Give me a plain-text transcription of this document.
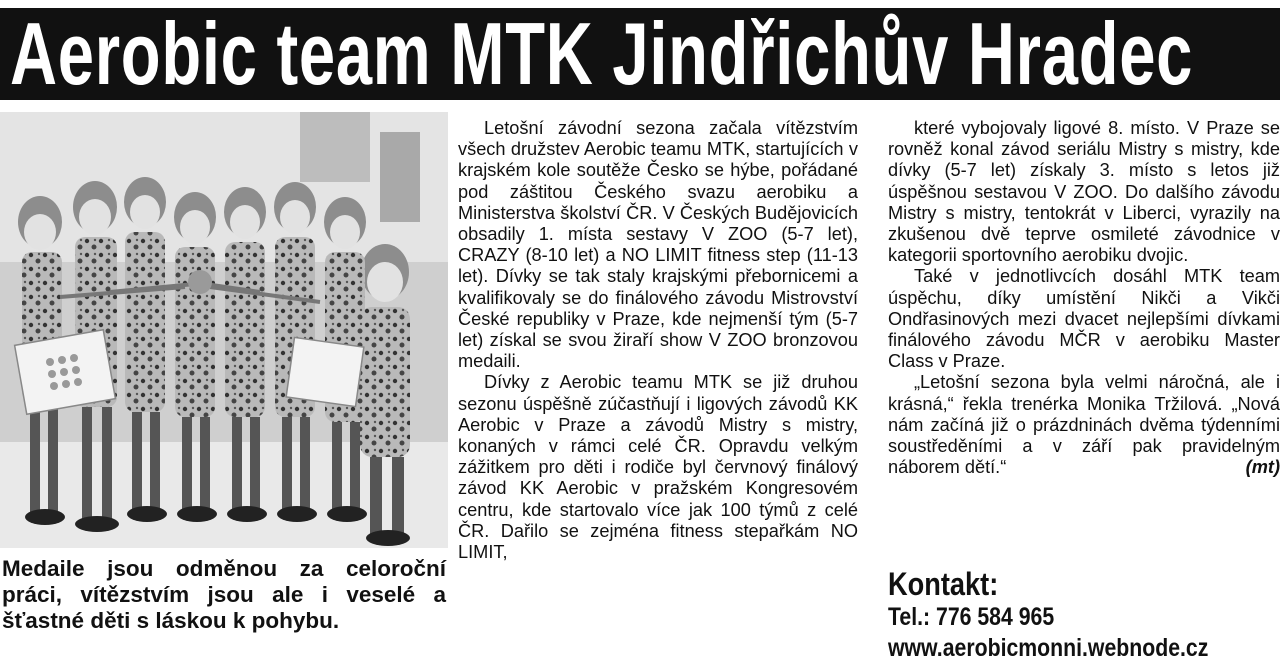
Aerobic team MTK Jindřichův Hradec

Medaile jsou odměnou za celoroční práci, vítězstvím jsou ale i veselé a šťastné děti s láskou k pohybu.

Letošní závodní sezona začala vítězstvím všech družstev Aerobic teamu MTK, startujících v krajském kole soutěže Česko se hýbe, pořádané pod záštitou Českého svazu aerobiku a Ministerstva školství ČR. V Českých Budějovicích obsadily 1. místa sestavy V ZOO (5-7 let), CRAZY (8-10 let) a NO LIMIT fitness step (11-13 let). Dívky se tak staly krajskými přebornicemi a kvalifikovaly se do finálového závodu Mistrovství České republiky v Praze, kde nejmenší tým (5-7 let) získal se svou žiraří show V ZOO bronzovou medaili.

Dívky z Aerobic teamu MTK se již druhou sezonu úspěšně zúčastňují i ligových závodů KK Aerobic v Praze a závodů Mistry s mistry, konaných v rámci celé ČR. Opravdu velkým zážitkem pro děti i rodiče byl červnový finálový závod KK Aerobic v pražském Kongresovém centru, kde startovalo více jak 100 týmů z celé ČR. Dařilo se zejména fitness stepařkám NO LIMIT,

které vybojovaly ligové 8. místo. V Praze se rovněž konal závod seriálu Mistry s mistry, kde dívky (5-7 let) získaly 3. místo s letos již úspěšnou sestavou V ZOO. Do dalšího závodu Mistry s mistry, tentokrát v Liberci, vyrazily na zkušenou dvě teprve osmileté závodnice v kategorii sportovního aerobiku dvojic.

Také v jednotlivcích dosáhl MTK team úspěchu, díky umístění Nikči a Vikči Ondřasinových mezi dvacet nejlepšími dívkami finálového závodu MČR v aerobiku Master Class v Praze.

„Letošní sezona byla velmi náročná, ale i krásná,“ řekla trenérka Monika Tržilová. „Nová nám začíná již o prázdninách dvěma týdenními soustředěními a v září pak pravidelným náborem dětí.“	(mt)

Kontakt:

Tel.: 776 584 965

www.aerobicmonni.webnode.cz
